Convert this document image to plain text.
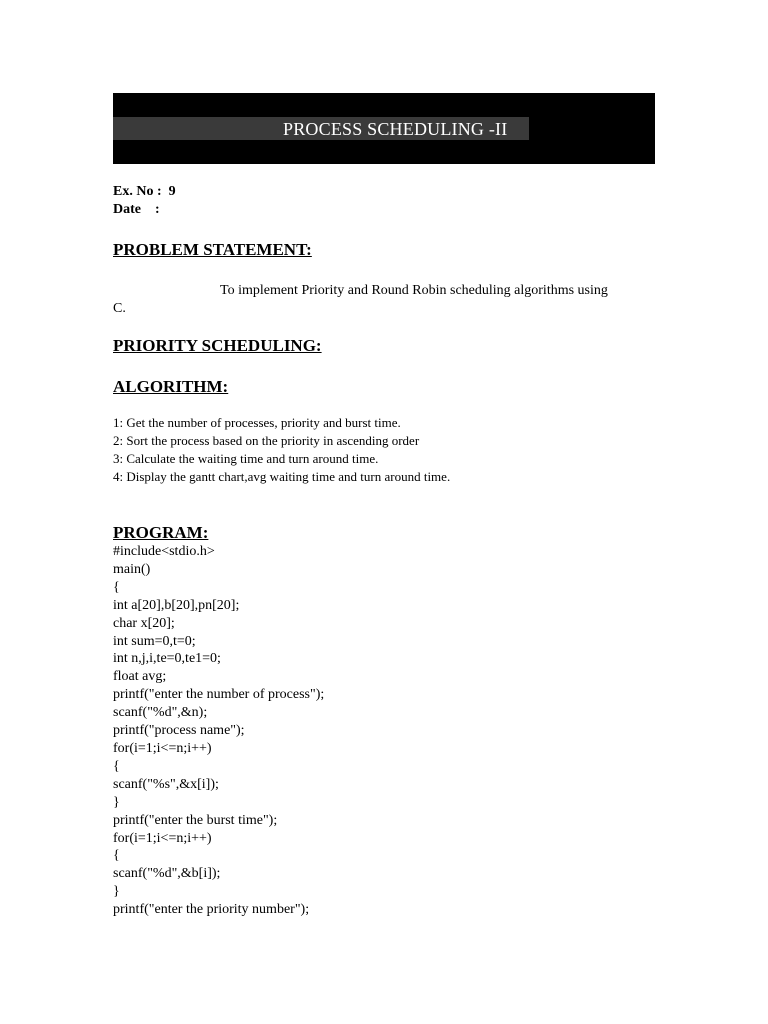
PROCESS SCHEDULING -II
Ex. No :  9
Date    :
PROBLEM STATEMENT:
To implement Priority and Round Robin scheduling algorithms using
C.
PRIORITY SCHEDULING:
ALGORITHM:
1: Get the number of processes, priority and burst time.
2: Sort the process based on the priority in ascending order
3: Calculate the waiting time and turn around time.
4: Display the gantt chart,avg waiting time and turn around time.
PROGRAM:
#include<stdio.h>
main()
{
int a[20],b[20],pn[20];
char x[20];
int sum=0,t=0;
int n,j,i,te=0,te1=0;
float avg;
printf("enter the number of process");
scanf("%d",&n);
printf("process name");
for(i=1;i<=n;i++)
{
scanf("%s",&x[i]);
}
printf("enter the burst time");
for(i=1;i<=n;i++)
{
scanf("%d",&b[i]);
}
printf("enter the priority number");
